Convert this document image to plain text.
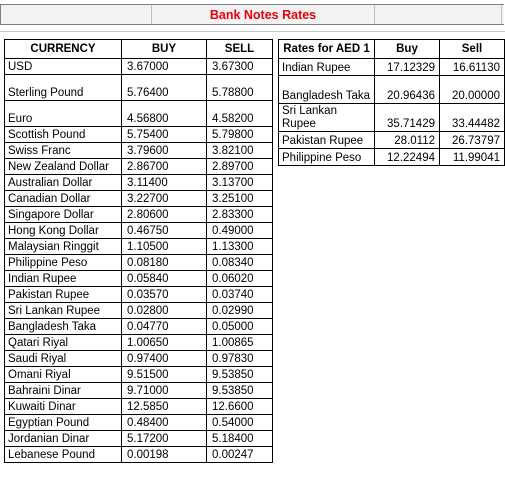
Bank Notes Rates
CURRENCY	BUY	SELL
USD	3.67000	3.67300
Sterling Pound	5.76400	5.78800
Euro	4.56800	4.58200
Scottish Pound	5.75400	5.79800
Swiss Franc	3.79600	3.82100
New Zealand Dollar	2.86700	2.89700
Australian Dollar	3.11400	3.13700
Canadian Dollar	3.22700	3.25100
Singapore Dollar	2.80600	2.83300
Hong Kong Dollar	0.46750	0.49000
Malaysian Ringgit	1.10500	1.13300
Philippine Peso	0.08180	0.08340
Indian Rupee	0.05840	0.06020
Pakistan Rupee	0.03570	0.03740
Sri Lankan Rupee	0.02800	0.02990
Bangladesh Taka	0.04770	0.05000
Qatari Riyal	1.00650	1.00865
Saudi Riyal	0.97400	0.97830
Omani Riyal	9.51500	9.53850
Bahraini Dinar	9.71000	9.53850
Kuwaiti Dinar	12.5850	12.6600
Egyptian Pound	0.48400	0.54000
Jordanian Dinar	5.17200	5.18400
Lebanese Pound	0.00198	0.00247
Rates for AED 1	Buy	Sell
Indian Rupee	17.12329	16.61130
Bangladesh Taka	20.96436	20.00000
Sri Lankan Rupee	35.71429	33.44482
Pakistan Rupee	28.0112	26.73797
Philippine Peso	12.22494	11.99041
